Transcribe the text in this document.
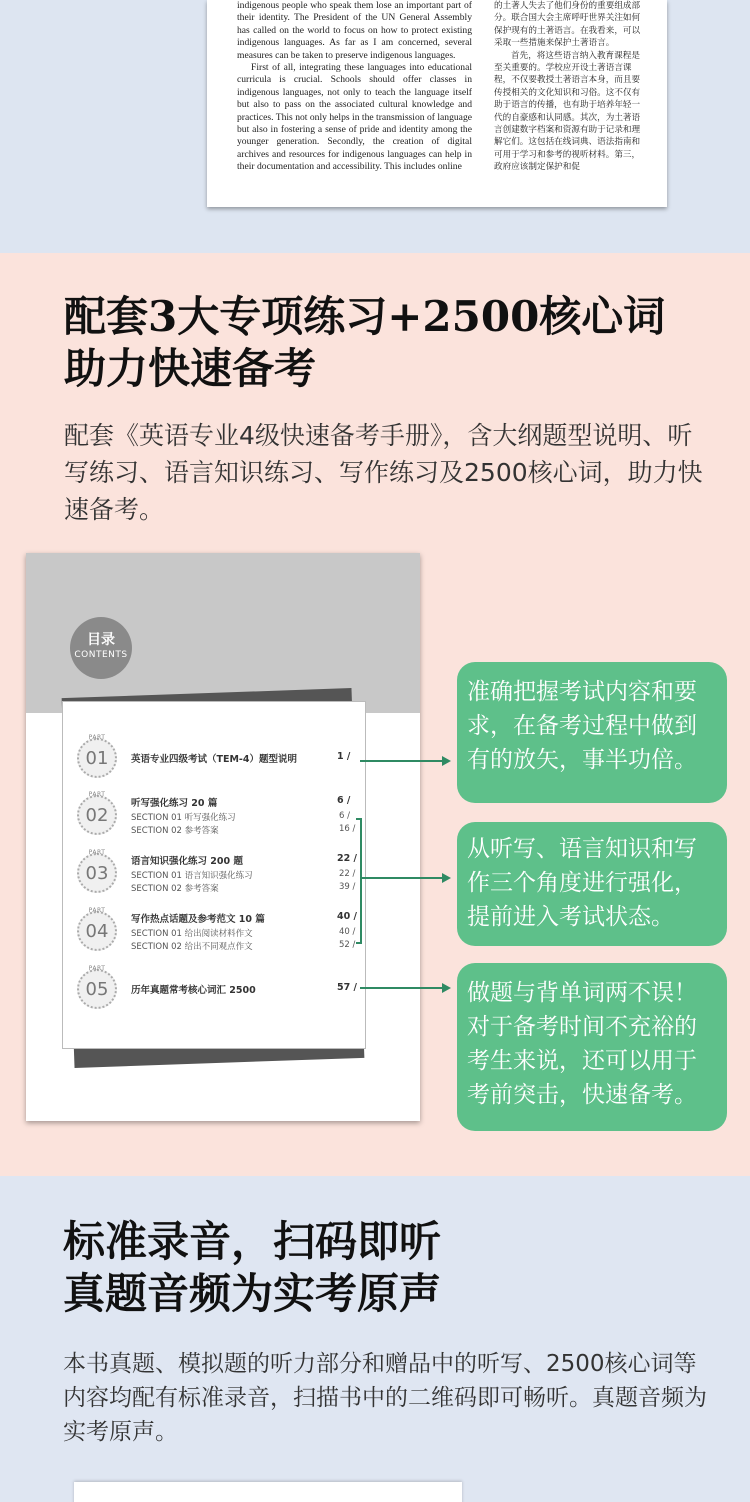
indigenous people who speak them lose an important part of their identity. The President of the UN General Assembly has called on the world to focus on how to protect existing indigenous languages. As far as I am concerned, several measures can be taken to preserve indigenous languages.

First of all, integrating these languages into educational curricula is crucial. Schools should offer classes in indigenous languages, not only to teach the language itself but also to pass on the associated cultural knowledge and practices. This not only helps in the transmission of language but also in fostering a sense of pride and identity among the younger generation. Secondly, the creation of digital archives and resources for indigenous languages can help in their documentation and accessibility. This includes online

的土著人失去了他们身份的重要组成部分。联合国大会主席呼吁世界关注如何保护现有的土著语言。在我看来，可以采取一些措施来保护土著语言。

首先，将这些语言纳入教育课程是至关重要的。学校应开设土著语言课程，不仅要教授土著语言本身，而且要传授相关的文化知识和习俗。这不仅有助于语言的传播，也有助于培养年轻一代的自豪感和认同感。其次，为土著语言创建数字档案和资源有助于记录和理解它们。这包括在线词典、语法指南和可用于学习和参考的视听材料。第三，政府应该制定保护和促

配套3大专项练习+2500核心词
助力快速备考
配套《英语专业4级快速备考手册》，含大纲题型说明、听写练习、语言知识练习、写作练习及2500核心词，助力快速备考。
目录
CONTENTS
PART
01	英语专业四级考试（TEM-4）题型说明	1 /
PART
02
听写强化练习 20 篇	6 /
SECTION 01 听写强化练习	6 /
SECTION 02 参考答案	16 /
PART
03
语言知识强化练习 200 题	22 /
SECTION 01 语言知识强化练习	22 /
SECTION 02 参考答案	39 /
PART
04
写作热点话题及参考范文 10 篇	40 /
SECTION 01 给出阅读材料作文	40 /
SECTION 02 给出不同观点作文	52 /
PART
05	历年真题常考核心词汇 2500	57 /
准确把握考试内容和要
求，在备考过程中做到
有的放矢，事半功倍。
从听写、语言知识和写
作三个角度进行强化，
提前进入考试状态。
做题与背单词两不误！
对于备考时间不充裕的
考生来说，还可以用于
考前突击，快速备考。
标准录音，扫码即听
真题音频为实考原声
本书真题、模拟题的听力部分和赠品中的听写、2500核心词等内容均配有标准录音，扫描书中的二维码即可畅听。真题音频为实考原声。
